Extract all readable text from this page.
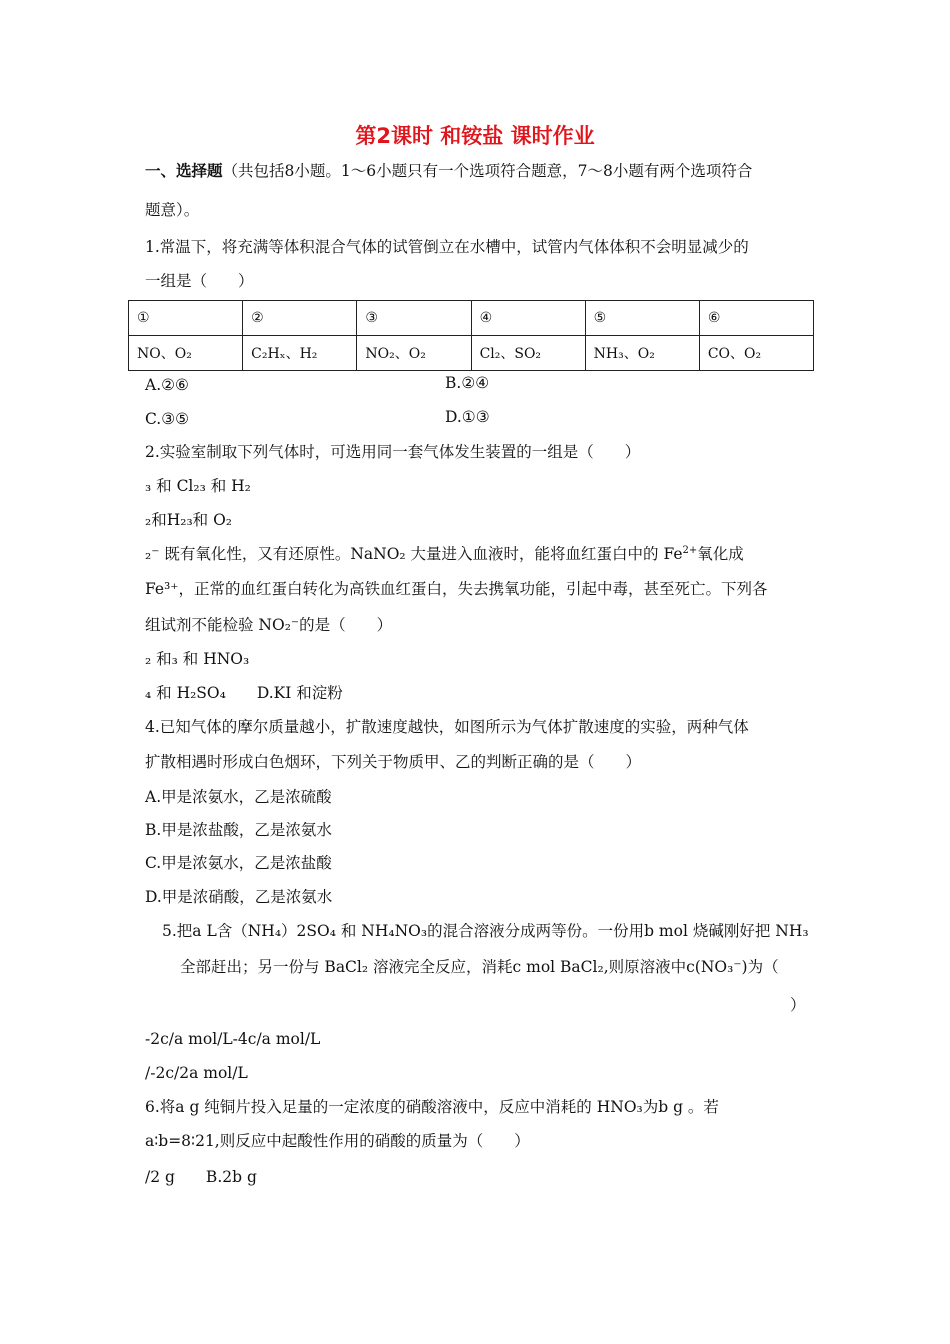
第2课时 和铵盐 课时作业
一、选择题（共包括8小题。1～6小题只有一个选项符合题意，7～8小题有两个选项符合
题意）。
1.常温下，将充满等体积混合气体的试管倒立在水槽中，试管内气体体积不会明显减少的
一组是（　　）
①	②	③	④	⑤	⑥
NO、O₂	C₂Hₓ、H₂	NO₂、O₂	Cl₂、SO₂	NH₃、O₂	CO、O₂
A.②⑥	B.②④
C.③⑤	D.①③
2.实验室制取下列气体时，可选用同一套气体发生装置的一组是（　　）
₃ 和 Cl₂₃ 和 H₂
₂和H₂₃和 O₂
₂⁻ 既有氧化性，又有还原性。NaNO₂ 大量进入血液时，能将血红蛋白中的 $Fe^{2+}$氧化成
Fe³⁺，正常的血红蛋白转化为高铁血红蛋白，失去携氧功能，引起中毒，甚至死亡。下列各
组试剂不能检验 NO₂⁻的是（　　）
₂ 和₃ 和 HNO₃
₄ 和 H₂SO₄　　D.KI 和淀粉
4.已知气体的摩尔质量越小，扩散速度越快，如图所示为气体扩散速度的实验，两种气体
扩散相遇时形成白色烟环，下列关于物质甲、乙的判断正确的是（　　）
A.甲是浓氨水，乙是浓硫酸
B.甲是浓盐酸，乙是浓氨水
C.甲是浓氨水，乙是浓盐酸
D.甲是浓硝酸，乙是浓氨水
5.把a L含（NH₄）2SO₄ 和 NH₄NO₃的混合溶液分成两等份。一份用b mol 烧碱刚好把 NH₃
全部赶出；另一份与 BaCl₂ 溶液完全反应，消耗c mol BaCl₂,则原溶液中c(NO₃⁻)为（
）
-2c/a mol/L-4c/a mol/L
/-2c/2a mol/L
6.将a g 纯铜片投入足量的一定浓度的硝酸溶液中，反应中消耗的 HNO₃为b g 。若
a∶b=8∶21,则反应中起酸性作用的硝酸的质量为（　　）
/2 g　　B.2b g
